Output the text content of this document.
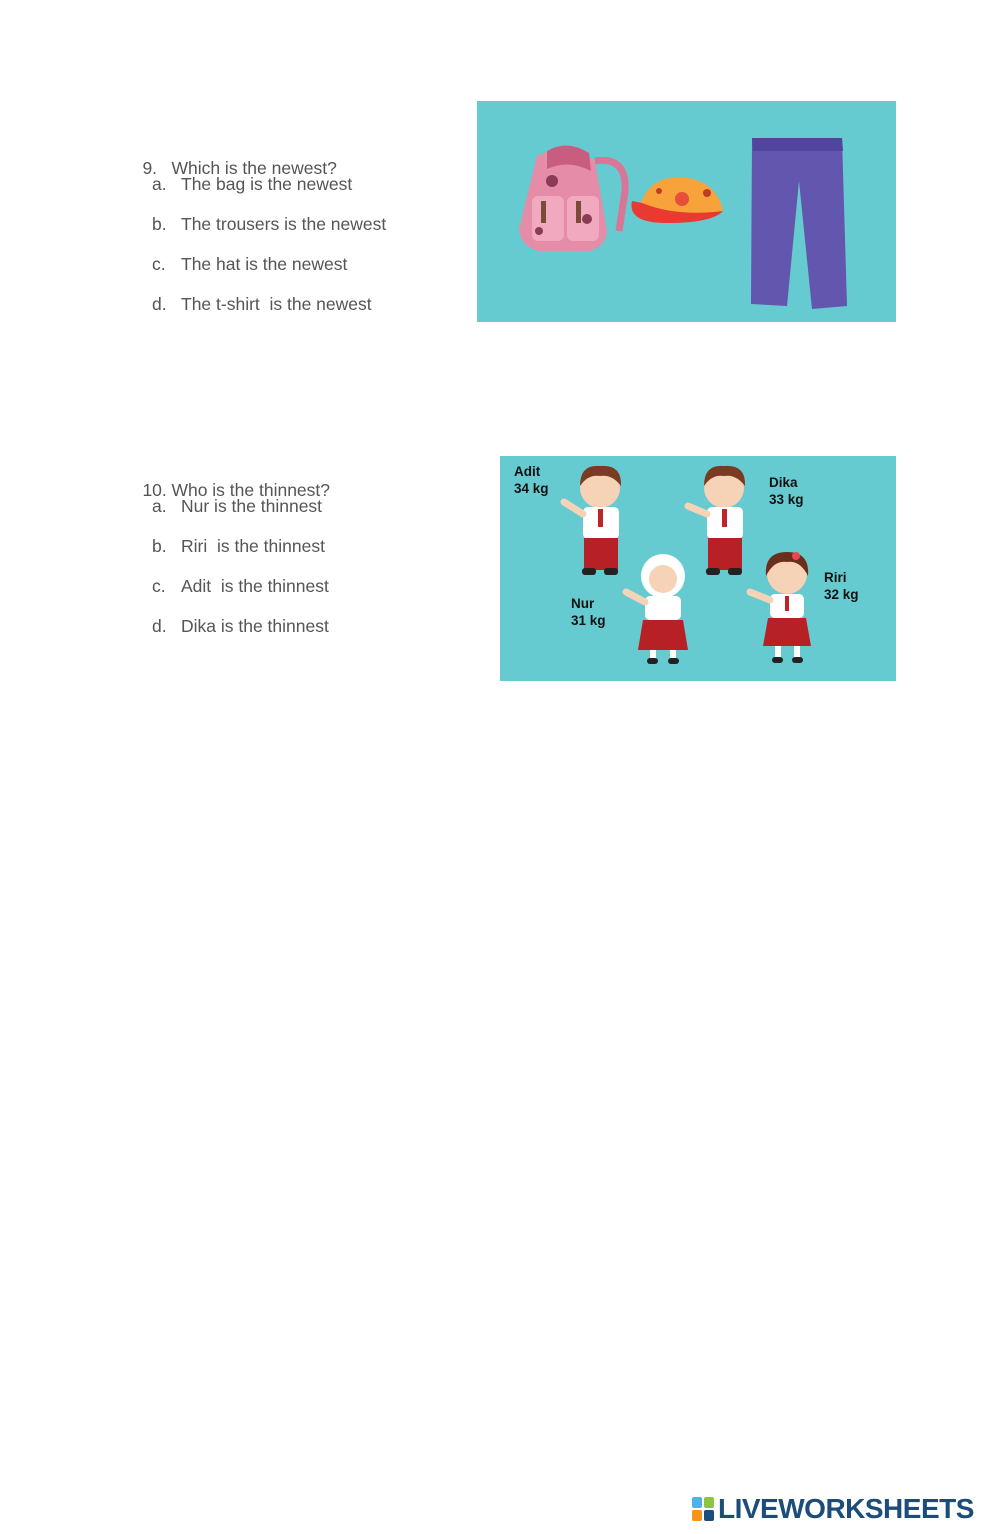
9. Which is the newest?

a. The bag is the newest
b. The trousers is the newest
c. The hat is the newest
d. The t-shirt  is the newest

10. Who is the thinnest?

a. Nur is the thinnest
b. Riri  is the thinnest
c. Adit  is the thinnest
d. Dika is the thinnest
Adit
34 kg	Dika
33 kg
Nur
31 kg
Riri
32 kg
LIVEWORKSHEETS
